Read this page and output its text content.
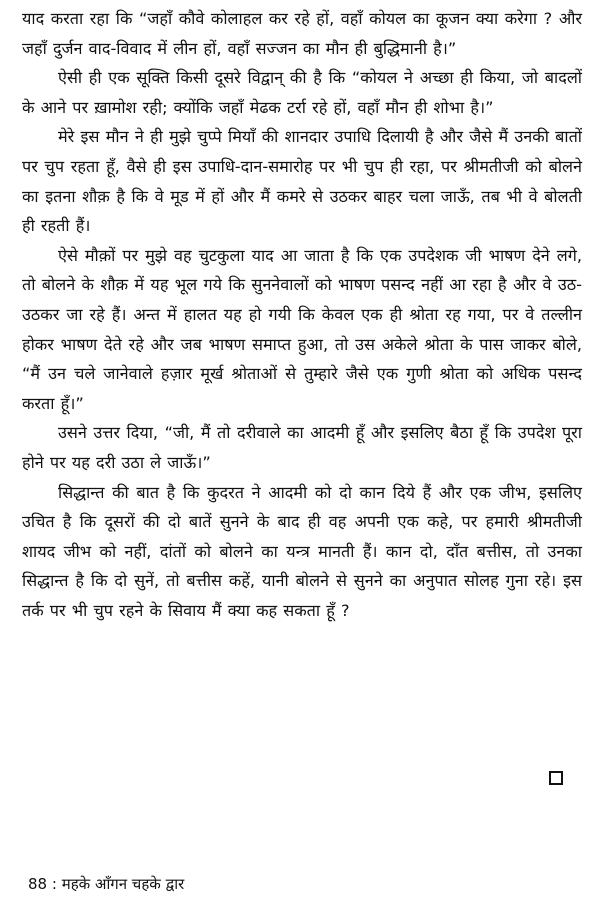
याद करता रहा कि “जहाँ कौवे कोलाहल कर रहे हों, वहाँ कोयल का कूजन क्या करेगा ? और जहाँ दुर्जन वाद-विवाद में लीन हों, वहाँ सज्जन का मौन ही बुद्धिमानी है।”

ऐसी ही एक सूक्ति किसी दूसरे विद्वान् की है कि “कोयल ने अच्छा ही किया, जो बादलों के आने पर ख़ामोश रही; क्योंकि जहाँ मेढक टर्रा रहे हों, वहाँ मौन ही शोभा है।”

मेरे इस मौन ने ही मुझे चुप्पे मियाँ की शानदार उपाधि दिलायी है और जैसे मैं उनकी बातों पर चुप रहता हूँ, वैसे ही इस उपाधि-दान-समारोह पर भी चुप ही रहा, पर श्रीमतीजी को बोलने का इतना शौक़ है कि वे मूड में हों और मैं कमरे से उठकर बाहर चला जाऊँ, तब भी वे बोलती ही रहती हैं।

ऐसे मौक़ों पर मुझे वह चुटकुला याद आ जाता है कि एक उपदेशक जी भाषण देने लगे, तो बोलने के शौक़ में यह भूल गये कि सुननेवालों को भाषण पसन्द नहीं आ रहा है और वे उठ-उठकर जा रहे हैं। अन्त में हालत यह हो गयी कि केवल एक ही श्रोता रह गया, पर वे तल्लीन होकर भाषण देते रहे और जब भाषण समाप्त हुआ, तो उस अकेले श्रोता के पास जाकर बोले, “मैं उन चले जानेवाले हज़ार मूर्ख श्रोताओं से तुम्हारे जैसे एक गुणी श्रोता को अधिक पसन्द करता हूँ।”

उसने उत्तर दिया, “जी, मैं तो दरीवाले का आदमी हूँ और इसलिए बैठा हूँ कि उपदेश पूरा होने पर यह दरी उठा ले जाऊँ।”

सिद्धान्त की बात है कि कुदरत ने आदमी को दो कान दिये हैं और एक जीभ, इसलिए उचित है कि दूसरों की दो बातें सुनने के बाद ही वह अपनी एक कहे, पर हमारी श्रीमतीजी शायद जीभ को नहीं, दांतों को बोलने का यन्त्र मानती हैं। कान दो, दाँत बत्तीस, तो उनका सिद्धान्त है कि दो सुनें, तो बत्तीस कहें, यानी बोलने से सुनने का अनुपात सोलह गुना रहे। इस तर्क पर भी चुप रहने के सिवाय मैं क्या कह सकता हूँ ?

88 : महके आँगन चहके द्वार
